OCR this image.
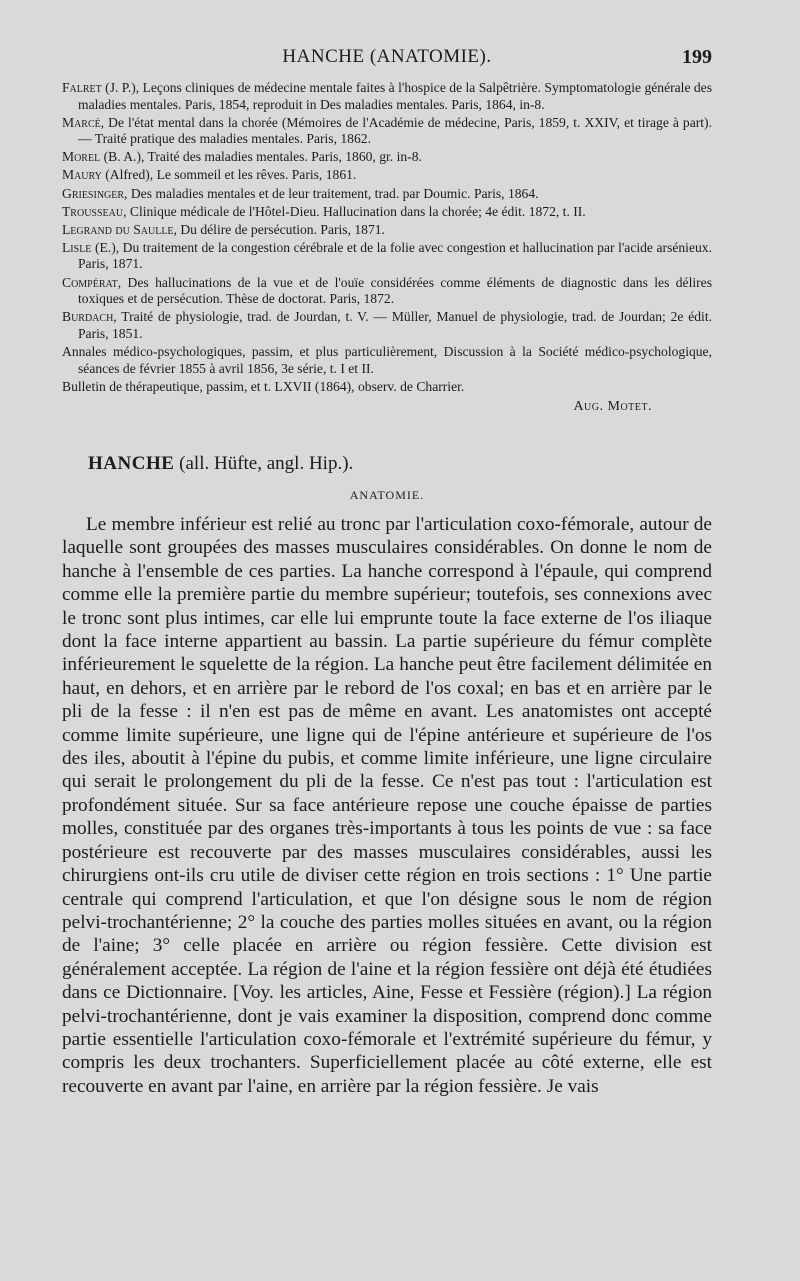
HANCHE (ANATOMIE).	199
Falret (J. P.), Leçons cliniques de médecine mentale faites à l'hospice de la Salpêtrière. Symptomatologie générale des maladies mentales. Paris, 1854, reproduit in Des maladies mentales. Paris, 1864, in-8.
Marcé, De l'état mental dans la chorée (Mémoires de l'Académie de médecine, Paris, 1859, t. XXIV, et tirage à part). — Traité pratique des maladies mentales. Paris, 1862.
Morel (B. A.), Traité des maladies mentales. Paris, 1860, gr. in-8.
Maury (Alfred), Le sommeil et les rêves. Paris, 1861.
Griesinger, Des maladies mentales et de leur traitement, trad. par Doumic. Paris, 1864.
Trousseau, Clinique médicale de l'Hôtel-Dieu. Hallucination dans la chorée; 4e édit. 1872, t. II.
Legrand du Saulle, Du délire de persécution. Paris, 1871.
Lisle (E.), Du traitement de la congestion cérébrale et de la folie avec congestion et hallucination par l'acide arsénieux. Paris, 1871.
Compérat, Des hallucinations de la vue et de l'ouïe considérées comme éléments de diagnostic dans les délires toxiques et de persécution. Thèse de doctorat. Paris, 1872.
Burdach, Traité de physiologie, trad. de Jourdan, t. V. — Müller, Manuel de physiologie, trad. de Jourdan; 2e édit. Paris, 1851.
Annales médico-psychologiques, passim, et plus particulièrement, Discussion à la Société médico-psychologique, séances de février 1855 à avril 1856, 3e série, t. I et II.
Bulletin de thérapeutique, passim, et t. LXVII (1864), observ. de Charrier.
Aug. Motet.
HANCHE (all. Hüfte, angl. Hip.).
ANATOMIE.
Le membre inférieur est relié au tronc par l'articulation coxo-fémorale, autour de laquelle sont groupées des masses musculaires considérables. On donne le nom de hanche à l'ensemble de ces parties. La hanche correspond à l'épaule, qui comprend comme elle la première partie du membre supérieur; toutefois, ses connexions avec le tronc sont plus intimes, car elle lui emprunte toute la face externe de l'os iliaque dont la face interne appartient au bassin. La partie supérieure du fémur complète inférieurement le squelette de la région. La hanche peut être facilement délimitée en haut, en dehors, et en arrière par le rebord de l'os coxal; en bas et en arrière par le pli de la fesse : il n'en est pas de même en avant. Les anatomistes ont accepté comme limite supérieure, une ligne qui de l'épine antérieure et supérieure de l'os des iles, aboutit à l'épine du pubis, et comme limite inférieure, une ligne circulaire qui serait le prolongement du pli de la fesse. Ce n'est pas tout : l'articulation est profondément située. Sur sa face antérieure repose une couche épaisse de parties molles, constituée par des organes très-importants à tous les points de vue : sa face postérieure est recouverte par des masses musculaires considérables, aussi les chirurgiens ont-ils cru utile de diviser cette région en trois sections : 1° Une partie centrale qui comprend l'articulation, et que l'on désigne sous le nom de région pelvi-trochantérienne; 2° la couche des parties molles situées en avant, ou la région de l'aine; 3° celle placée en arrière ou région fessière. Cette division est généralement acceptée. La région de l'aine et la région fessière ont déjà été étudiées dans ce Dictionnaire. [Voy. les articles, Aine, Fesse et Fessière (région).] La région pelvi-trochantérienne, dont je vais examiner la disposition, comprend donc comme partie essentielle l'articulation coxo-fémorale et l'extrémité supérieure du fémur, y compris les deux trochanters. Superficiellement placée au côté externe, elle est recouverte en avant par l'aine, en arrière par la région fessière. Je vais
